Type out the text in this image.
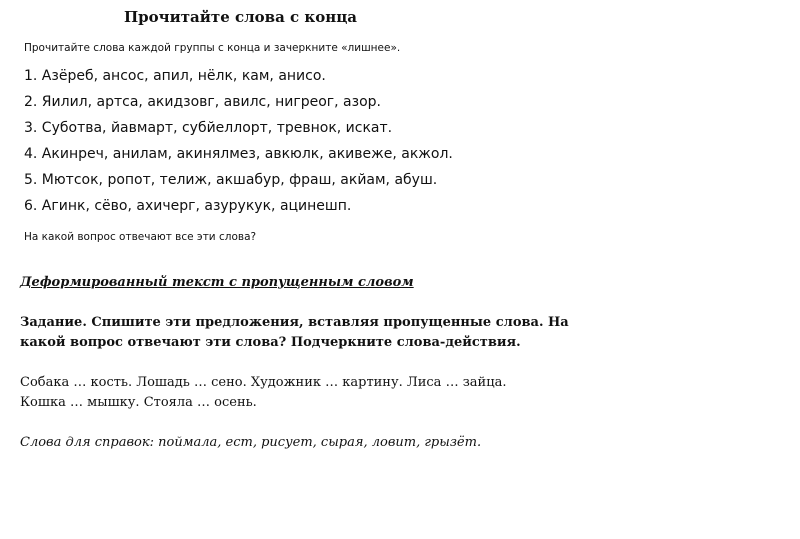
Прочитайте слова с конца
Прочитайте слова каждой группы с конца и зачеркните «лишнее».
1. Азёреб, ансос, апил, нёлк, кам, анисо.
2. Яилил, артса, акидзовг, авилс, нигреог, азор.
3. Суботва, йавмарт, субйеллорт, тревнок, искат.
4. Акинреч, анилам, акинялмез, авкюлк, акивеже, акжол.
5. Мютсок, ропот, телиж, акшабур, фраш, акйам, абуш.
6. Агинк, сёво, ахичерг, азурукук, ацинешп.
На какой вопрос отвечают все эти слова?
Деформированный текст с пропущенным словом
Задание. Спишите эти предложения, вставляя пропущенные слова. На
какой вопрос отвечают эти слова? Подчеркните слова-действия.
Собака … кость. Лошадь … сено. Художник … картину. Лиса … зайца.
Кошка … мышку. Стояла … осень.
Слова для справок: поймала, ест, рисует, сырая, ловит, грызёт.
